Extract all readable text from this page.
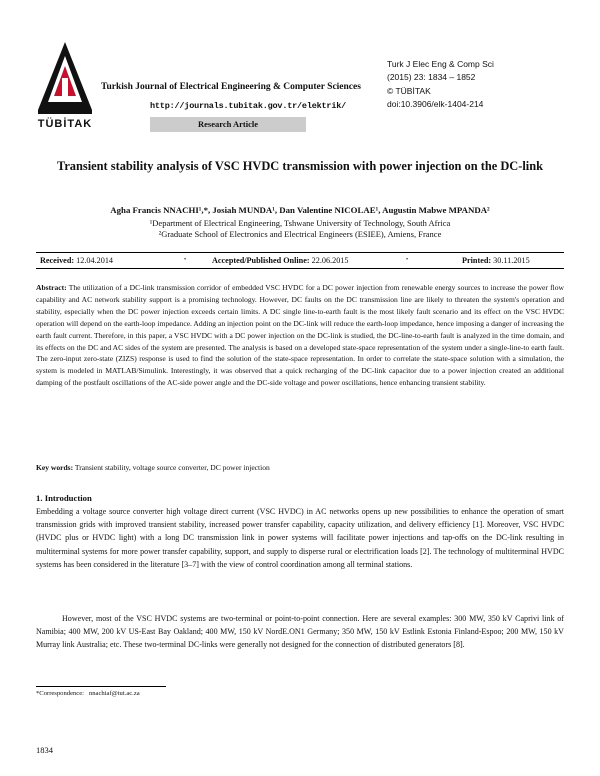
TÜBİTAK
Turkish Journal of Electrical Engineering & Computer Sciences
http://journals.tubitak.gov.tr/elektrik/
Research Article
Turk J Elec Eng & Comp Sci
(2015) 23: 1834 – 1852
© TÜBİTAK
doi:10.3906/elk-1404-214
Transient stability analysis of VSC HVDC transmission with power injection on the DC-link
Agha Francis NNACHI¹,*, Josiah MUNDA¹, Dan Valentine NICOLAE¹, Augustin Mabwe MPANDA²
¹Department of Electrical Engineering, Tshwane University of Technology, South Africa
²Graduate School of Electronics and Electrical Engineers (ESIEE), Amiens, France
Received: 12.04.2014	•	Accepted/Published Online: 22.06.2015	•	Printed: 30.11.2015
Abstract: The utilization of a DC-link transmission corridor of embedded VSC HVDC for a DC power injection from renewable energy sources to increase the power flow capability and AC network stability support is a promising technology. However, DC faults on the DC transmission line are likely to threaten the system's operation and stability, especially when the DC power injection exceeds certain limits. A DC single line-to-earth fault is the most likely fault scenario and its effect on the VSC HVDC operation will depend on the earth-loop impedance. Adding an injection point on the DC-link will reduce the earth-loop impedance, hence imposing a danger of increasing the earth fault current. Therefore, in this paper, a VSC HVDC with a DC power injection on the DC-link is studied, the DC-line-to-earth fault is analyzed in the time domain, and its effects on the DC and AC sides of the system are presented. The analysis is based on a developed state-space representation of the system under a single-line-to earth fault. The zero-input zero-state (ZIZS) response is used to find the solution of the state-space representation. In order to correlate the state-space solution with a simulation, the system is modeled in MATLAB/Simulink. Interestingly, it was observed that a quick recharging of the DC-link capacitor due to a power injection created an additional damping of the postfault oscillations of the AC-side power angle and the DC-side voltage and power oscillations, hence enhancing transient stability.
Key words: Transient stability, voltage source converter, DC power injection
1. Introduction
Embedding a voltage source converter high voltage direct current (VSC HVDC) in AC networks opens up new possibilities to enhance the operation of smart transmission grids with improved transient stability, increased power transfer capability, capacity utilization, and delivery efficiency [1]. Moreover, VSC HVDC (HVDC plus or HVDC light) with a long DC transmission link in power systems will facilitate power injections and tap-offs on the DC-link resulting in multiterminal systems for more power transfer capability, support, and supply to disperse rural or electrification loads [2]. The technology of multiterminal HVDC systems has been considered in the literature [3–7] with the view of control coordination among all terminal stations.
However, most of the VSC HVDC systems are two-terminal or point-to-point connection. Here are several examples: 300 MW, 350 kV Caprivi link of Namibia; 400 MW, 200 kV US-East Bay Oakland; 400 MW, 150 kV NordE.ON1 Germany; 350 MW, 150 kV Estlink Estonia Finland-Espoo; 200 MW, 150 kV Murray link Australia; etc. These two-terminal DC-links were generally not designed for the connection of distributed generators [8].
*Correspondence: nnachiaf@tut.ac.za
1834
